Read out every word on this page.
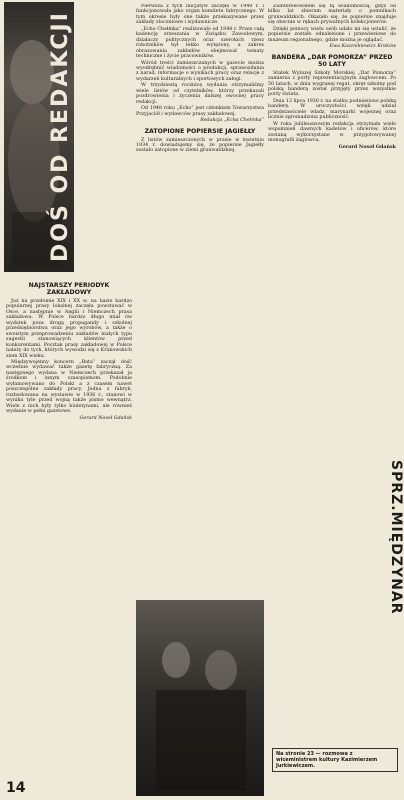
DOŚ OD REDAKCJI
NAJSTARSZY PERIODYK ZAKŁADOWY

Już na przełomie XIX i XX w. na bazie bardzo popularnej prasy lokalnej zaczęła powstawać w Osce, a następnie w Anglii i Niemczech prasa zakładowa. W Polsce bardzo długo miał ów wydatek poza drogą propagandy i szkolnej przedsiębiorstwa oraz jego wyrobów, a także o swoistym przeprowadzeniu zakładów małych typu sugestii stanowiących klientów przed konkurentami. Pocztak prasy zakładowej w Polsce należy do tych, których wywodzi się z Krakowskich ziem XIX wieku.

Międzywojenny koncern „Bata” zaczął dość wcześnie wydawać także gazetę fabryczną. Za następnego wydana w Niemczech przekazał ja środkom i innym czasopismom. Podobnie wyłamowywano do Polski a z czasem nawet poszczególne zakłady pracy. Jedna z fabryk, rozbudowana na wystawie w 1936 r., stanowi w wyniku tyle przed wojną także pismo wewnątrz. Wiele z nich były tylko biuletynami, ale również wydanie w pełni gazetowe.

Gerard Nosoł Gdańsk

Pierwsza z tych inicjatyw zaczęła w 1949 r. i funkcjonowała jako organ komitetu fabrycznego. W tym okresie były one także przekazywane przez zakłady stoczniowe i wydawnicze.

„Echo Chełmka” realizowało od 1948 r. Przez całą kadencję zrzeszania w Związku Zawodowym, działaczy politycznych oraz szerokich rzesz robotników był lekko wytężony, a zakres obrazowania zakładów obejmował tematy techniczne i życie pracowników.

Wśród treści zamieszczanych w gazecie można wyodrębnić wiadomości o produkcji, sprawozdania z narad, informacje o wynikach pracy oraz relacje z wydarzeń kulturalnych i sportowych załogi.

W trzydziestą rocznicę wydania otrzymaliśmy wiele listów od czytelników, którzy przekazali pozdrowienia i życzenia dalszej owocnej pracy redakcji.

Od 1948 roku „Echo” jest członkiem Towarzystwa Przyjaciół i wydawców prasy zakładowej.

Redakcja „Echa Chełmka”

ZATOPIONE POPIERSIE JAGIEŁŁY

Z listów zamieszczonych w prasie w kwietniu 1934 r. dowiadujemy się, że popiersie Jagiełły zostało zatopione w ziemi grunwaldzkiej.

Zainteresowałem się tą wiadomością, gdyż od kilku lat zbieram materiały o pomnikach grunwaldzkich. Okazało się, że popiersie znajduje się obecnie w rękach prywatnych kolekcjonerów.

Dzięki pomocy wielu osób udało mi się ustalić, że popiersie zostało odnalezione i przewiezione do muzeum regionalnego, gdzie można je oglądać.

Ewa Kasznikiewicz Kraków

BANDERA „DAR POMORZA” PRZED 50 LATY

Statek Wyższej Szkoły Morskiej „Dar Pomorza” zamierza z porty reprezentacyjnym żaglowcem. Po 50 latach, w dniu wygranej regat, okręt szkolny pod polską banderą został przyjęty przez wszystkie porty świata.

Dnia 13 lipca 1930 r. na statku podniesiono polską banderę. W uroczystości wzięli udział przedstawiciele władz, marynarki wojennej oraz licznie zgromadzona publiczność.

W roku jubileuszowym redakcja otrzymała wiele wspomnień dawnych kadetów i oficerów, które zostaną wykorzystane w przygotowywanej monografii żaglowca.

Gerard Nosoł Gdańsk

Na stronie 23 — rozmowa z wiceministrem kultury Kazimierzem Jurkiewiczem.
SPRZ.MIĘDZYNAR
14
